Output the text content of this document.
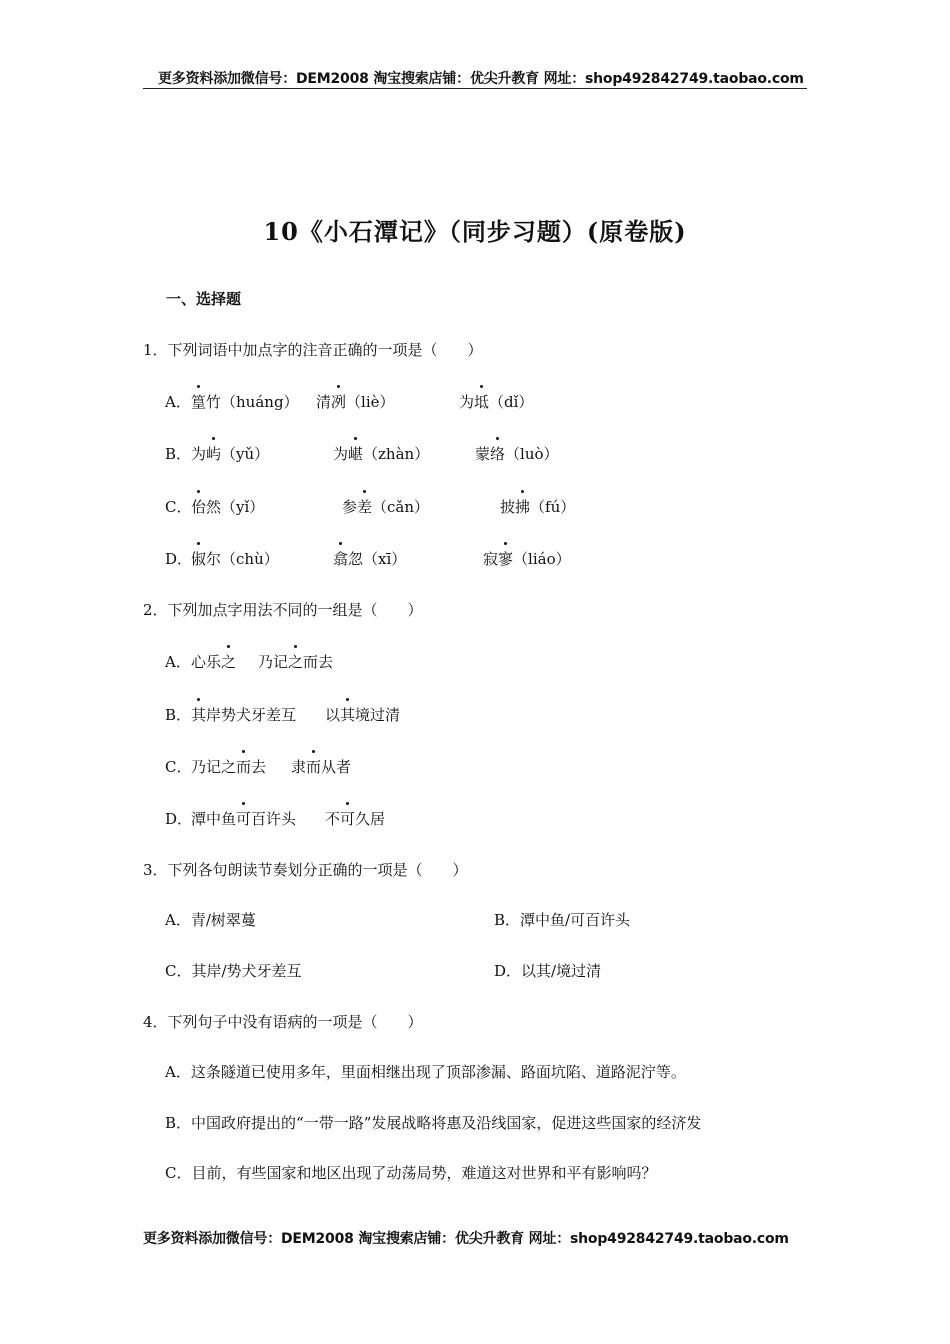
更多资料添加微信号：DEM2008 淘宝搜索店铺：优尖升教育 网址：shop492842749.taobao.com
10《小石潭记》（同步习题）(原卷版)
一、选择题
1．下列词语中加点字的注音正确的一项是（　　）
A． 篁竹（huáng） 清冽（liè）	为坻（dǐ）
B． 为屿（yǔ）	为嵁（zhàn）	蒙络（luò）
C． 佁然（yǐ）	参差（cǎn）	披拂（fú）
D．
俶尔（chù）	翕忽（xī）	寂寥（liáo）
2．下列加点字用法不同的一组是（　　）
A． 心乐之 乃记之而去
B． 其岸势犬牙差互 以其境过清
C． 乃记之而去 隶而从者
D．
潭中鱼可百许头 不可久居
3．下列各句朗读节奏划分正确的一项是（　　）
A．青/树翠蔓	B．潭中鱼/可百许头
C．其岸/势犬牙差互	D．以其/境过清
4．下列句子中没有语病的一项是（　　）
A．这条隧道已使用多年，里面相继出现了顶部渗漏、路面坑陷、道路泥泞等。
B．中国政府提出的“一带一路”发展战略将惠及沿线国家，促进这些国家的经济发
C．目前，有些国家和地区出现了动荡局势，难道这对世界和平有影响吗？
更多资料添加微信号：DEM2008 淘宝搜索店铺：优尖升教育 网址：shop492842749.taobao.com
